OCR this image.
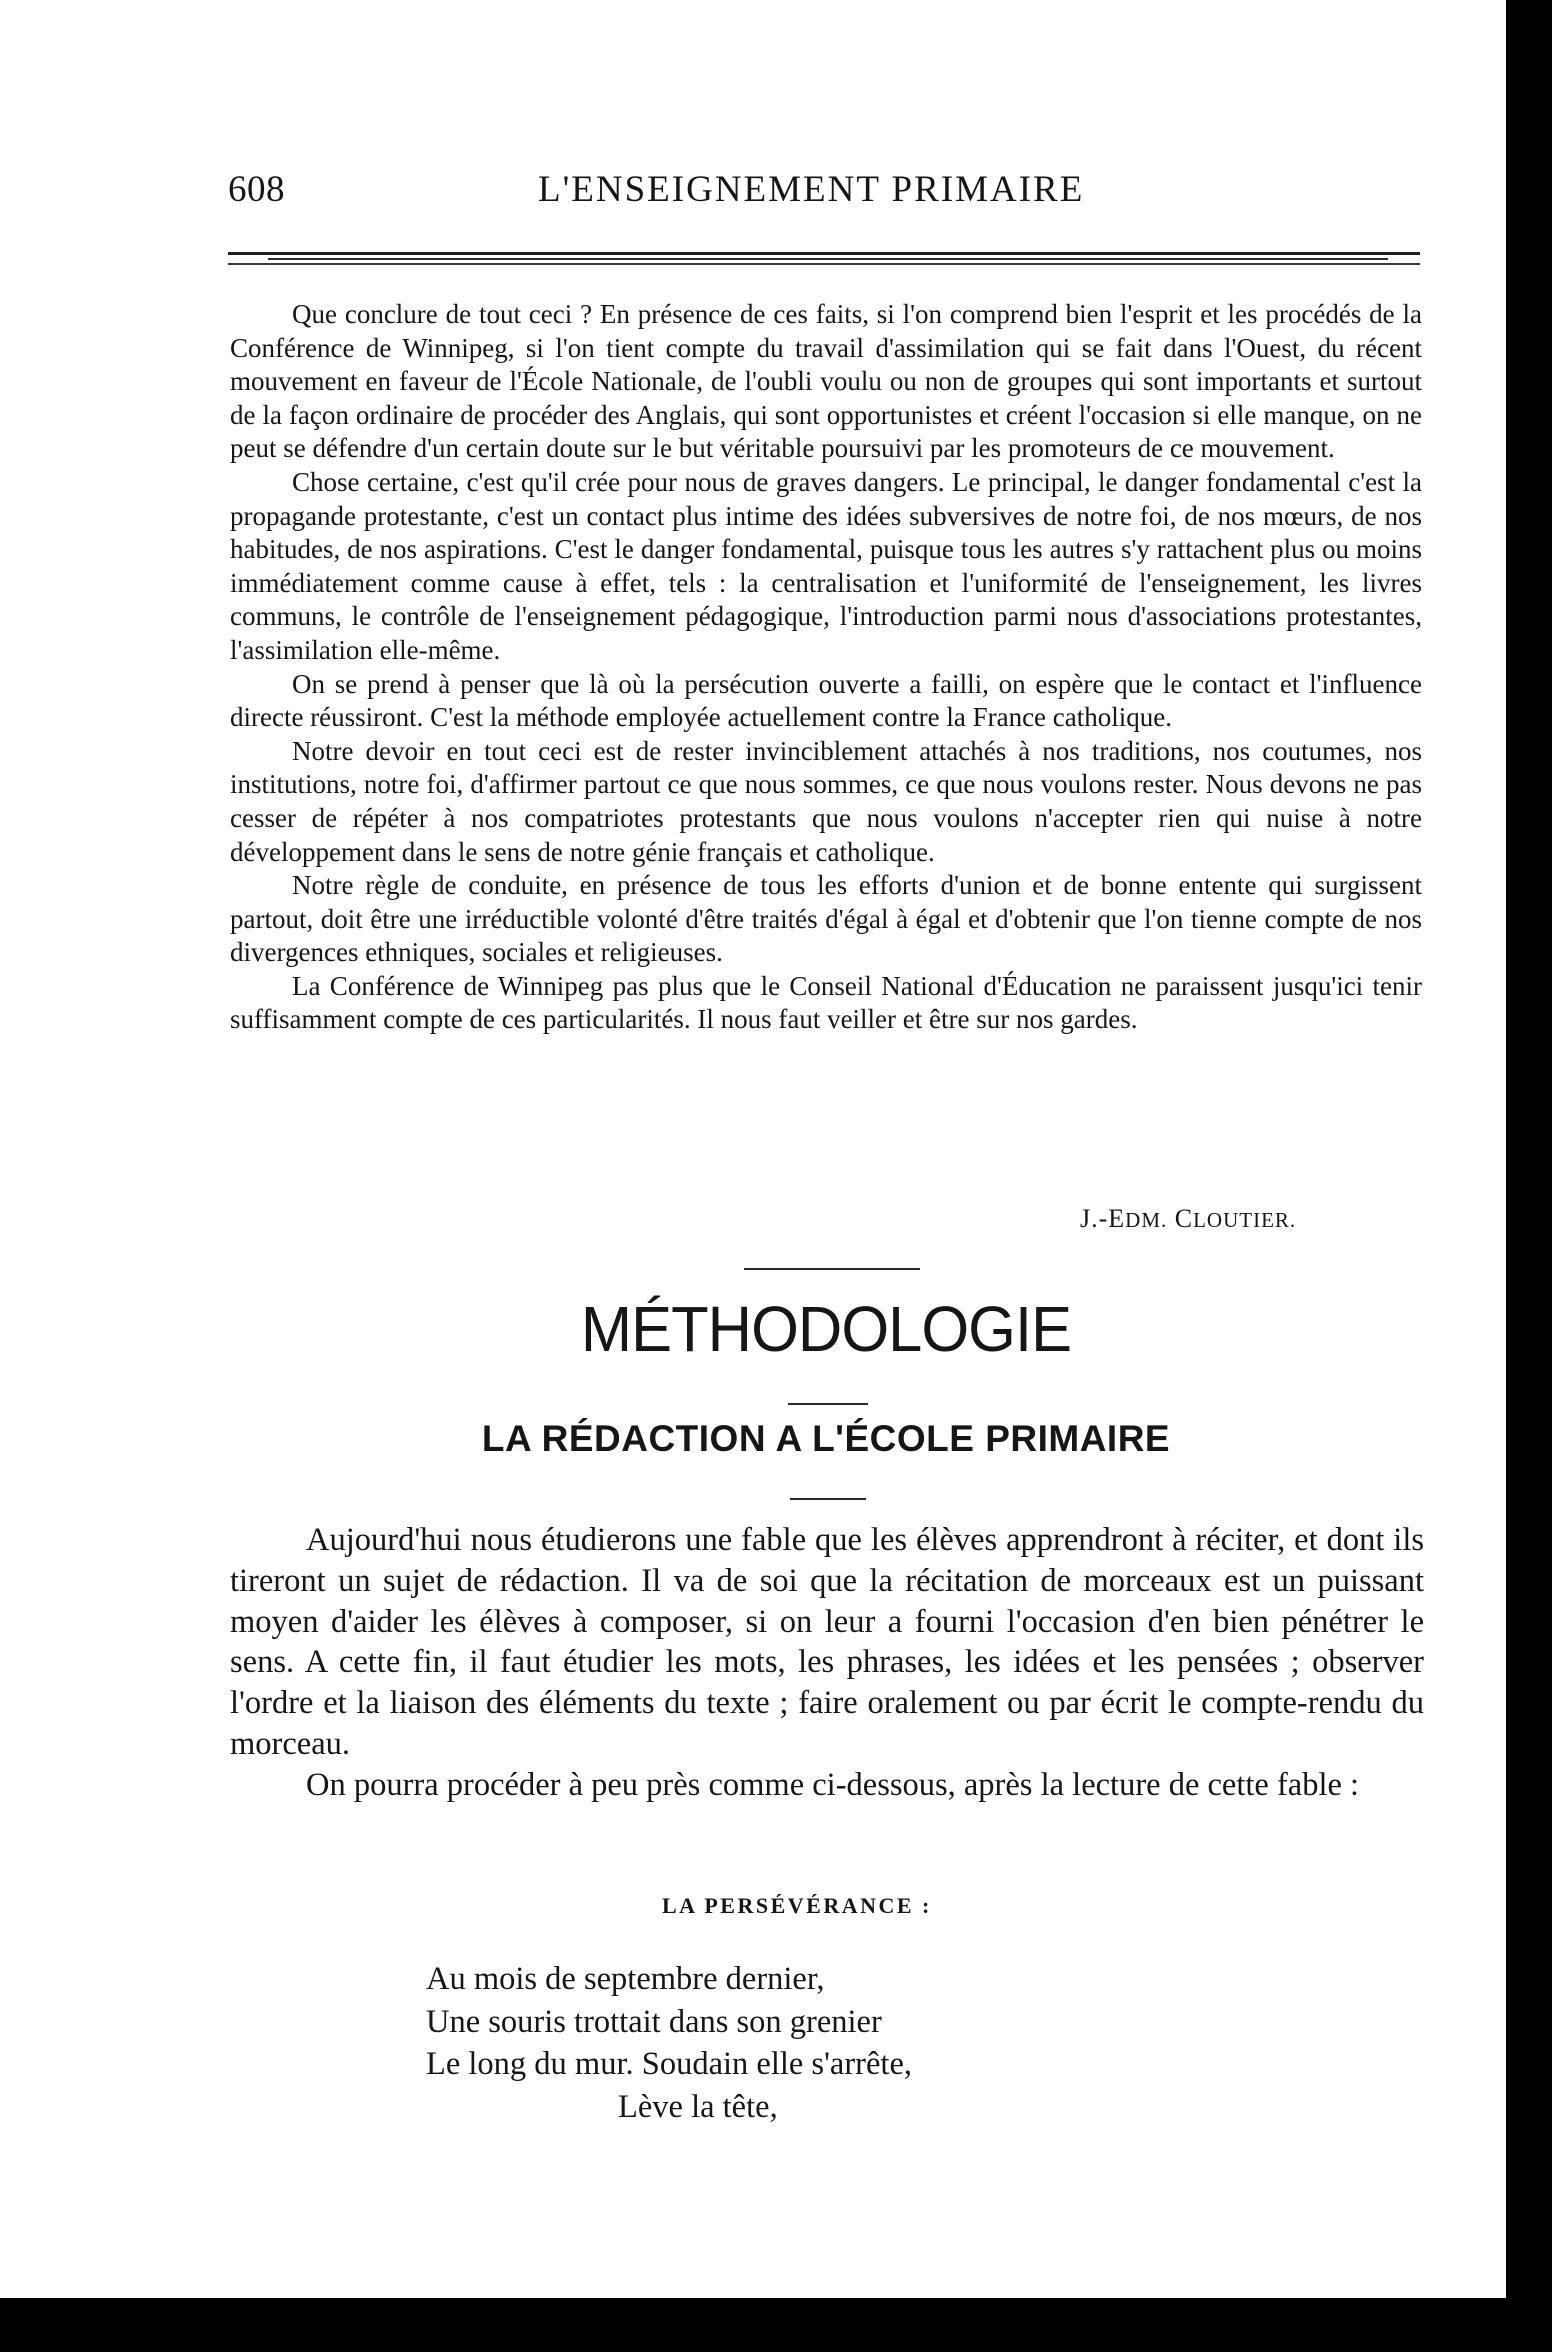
608	L'ENSEIGNEMENT PRIMAIRE

Que conclure de tout ceci ? En présence de ces faits, si l'on comprend bien l'esprit et les procédés de la Conférence de Winnipeg, si l'on tient compte du travail d'assimilation qui se fait dans l'Ouest, du récent mouvement en faveur de l'École Nationale, de l'oubli voulu ou non de groupes qui sont importants et surtout de la façon ordinaire de procéder des Anglais, qui sont opportunistes et créent l'occasion si elle manque, on ne peut se défendre d'un certain doute sur le but véritable poursuivi par les promoteurs de ce mouvement.

Chose certaine, c'est qu'il crée pour nous de graves dangers. Le principal, le danger fondamental c'est la propagande protestante, c'est un contact plus intime des idées subversives de notre foi, de nos mœurs, de nos habitudes, de nos aspirations. C'est le danger fondamental, puisque tous les autres s'y rattachent plus ou moins immédiatement comme cause à effet, tels : la centralisation et l'uniformité de l'enseignement, les livres communs, le contrôle de l'enseignement pédagogique, l'introduction parmi nous d'associations protestantes, l'assimilation elle-même.

On se prend à penser que là où la persécution ouverte a failli, on espère que le contact et l'influence directe réussiront. C'est la méthode employée actuellement contre la France catholique.

Notre devoir en tout ceci est de rester invinciblement attachés à nos traditions, nos coutumes, nos institutions, notre foi, d'affirmer partout ce que nous sommes, ce que nous voulons rester. Nous devons ne pas cesser de répéter à nos compatriotes protestants que nous voulons n'accepter rien qui nuise à notre développement dans le sens de notre génie français et catholique.

Notre règle de conduite, en présence de tous les efforts d'union et de bonne entente qui surgissent partout, doit être une irréductible volonté d'être traités d'égal à égal et d'obtenir que l'on tienne compte de nos divergences ethniques, sociales et religieuses.

La Conférence de Winnipeg pas plus que le Conseil National d'Éducation ne paraissent jusqu'ici tenir suffisamment compte de ces particularités. Il nous faut veiller et être sur nos gardes.

J.-EDM. CLOUTIER.
MÉTHODOLOGIE
LA RÉDACTION A L'ÉCOLE PRIMAIRE

Aujourd'hui nous étudierons une fable que les élèves apprendront à réciter, et dont ils tireront un sujet de rédaction. Il va de soi que la récitation de morceaux est un puissant moyen d'aider les élèves à composer, si on leur a fourni l'occasion d'en bien pénétrer le sens. A cette fin, il faut étudier les mots, les phrases, les idées et les pensées ; observer l'ordre et la liaison des éléments du texte ; faire oralement ou par écrit le compte-rendu du morceau.

On pourra procéder à peu près comme ci-dessous, après la lecture de cette fable :

LA PERSÉVÉRANCE :
Au mois de septembre dernier,
Une souris trottait dans son grenier
Le long du mur. Soudain elle s'arrête,
Lève la tête,
